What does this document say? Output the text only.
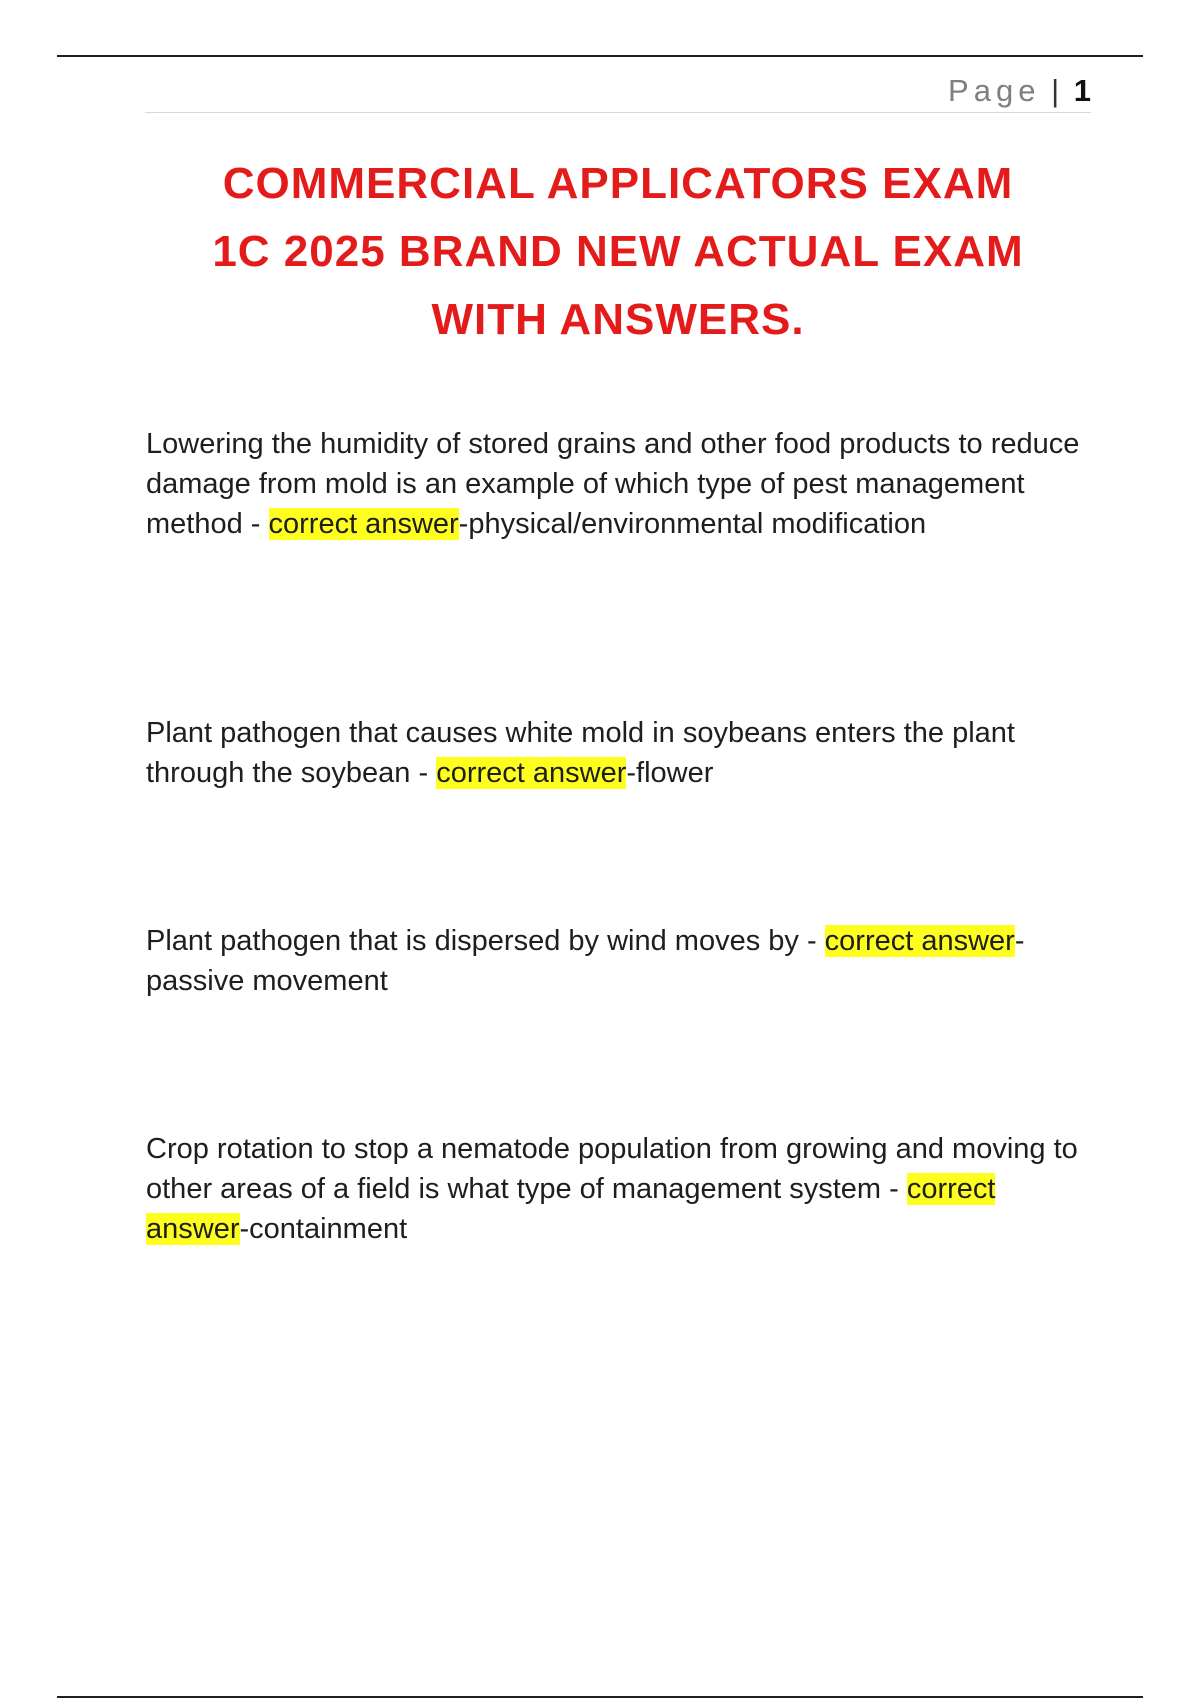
Page | 1
COMMERCIAL APPLICATORS EXAM
1C 2025 BRAND NEW ACTUAL EXAM
WITH ANSWERS.

Lowering the humidity of stored grains and other food products to reduce damage from mold is an example of which type of pest management method - correct answer-physical/environmental modification

Plant pathogen that causes white mold in soybeans enters the plant through the soybean - correct answer-flower

Plant pathogen that is dispersed by wind moves by - correct answer-passive movement

Crop rotation to stop a nematode population from growing and moving to other areas of a field is what type of management system - correct answer-containment
